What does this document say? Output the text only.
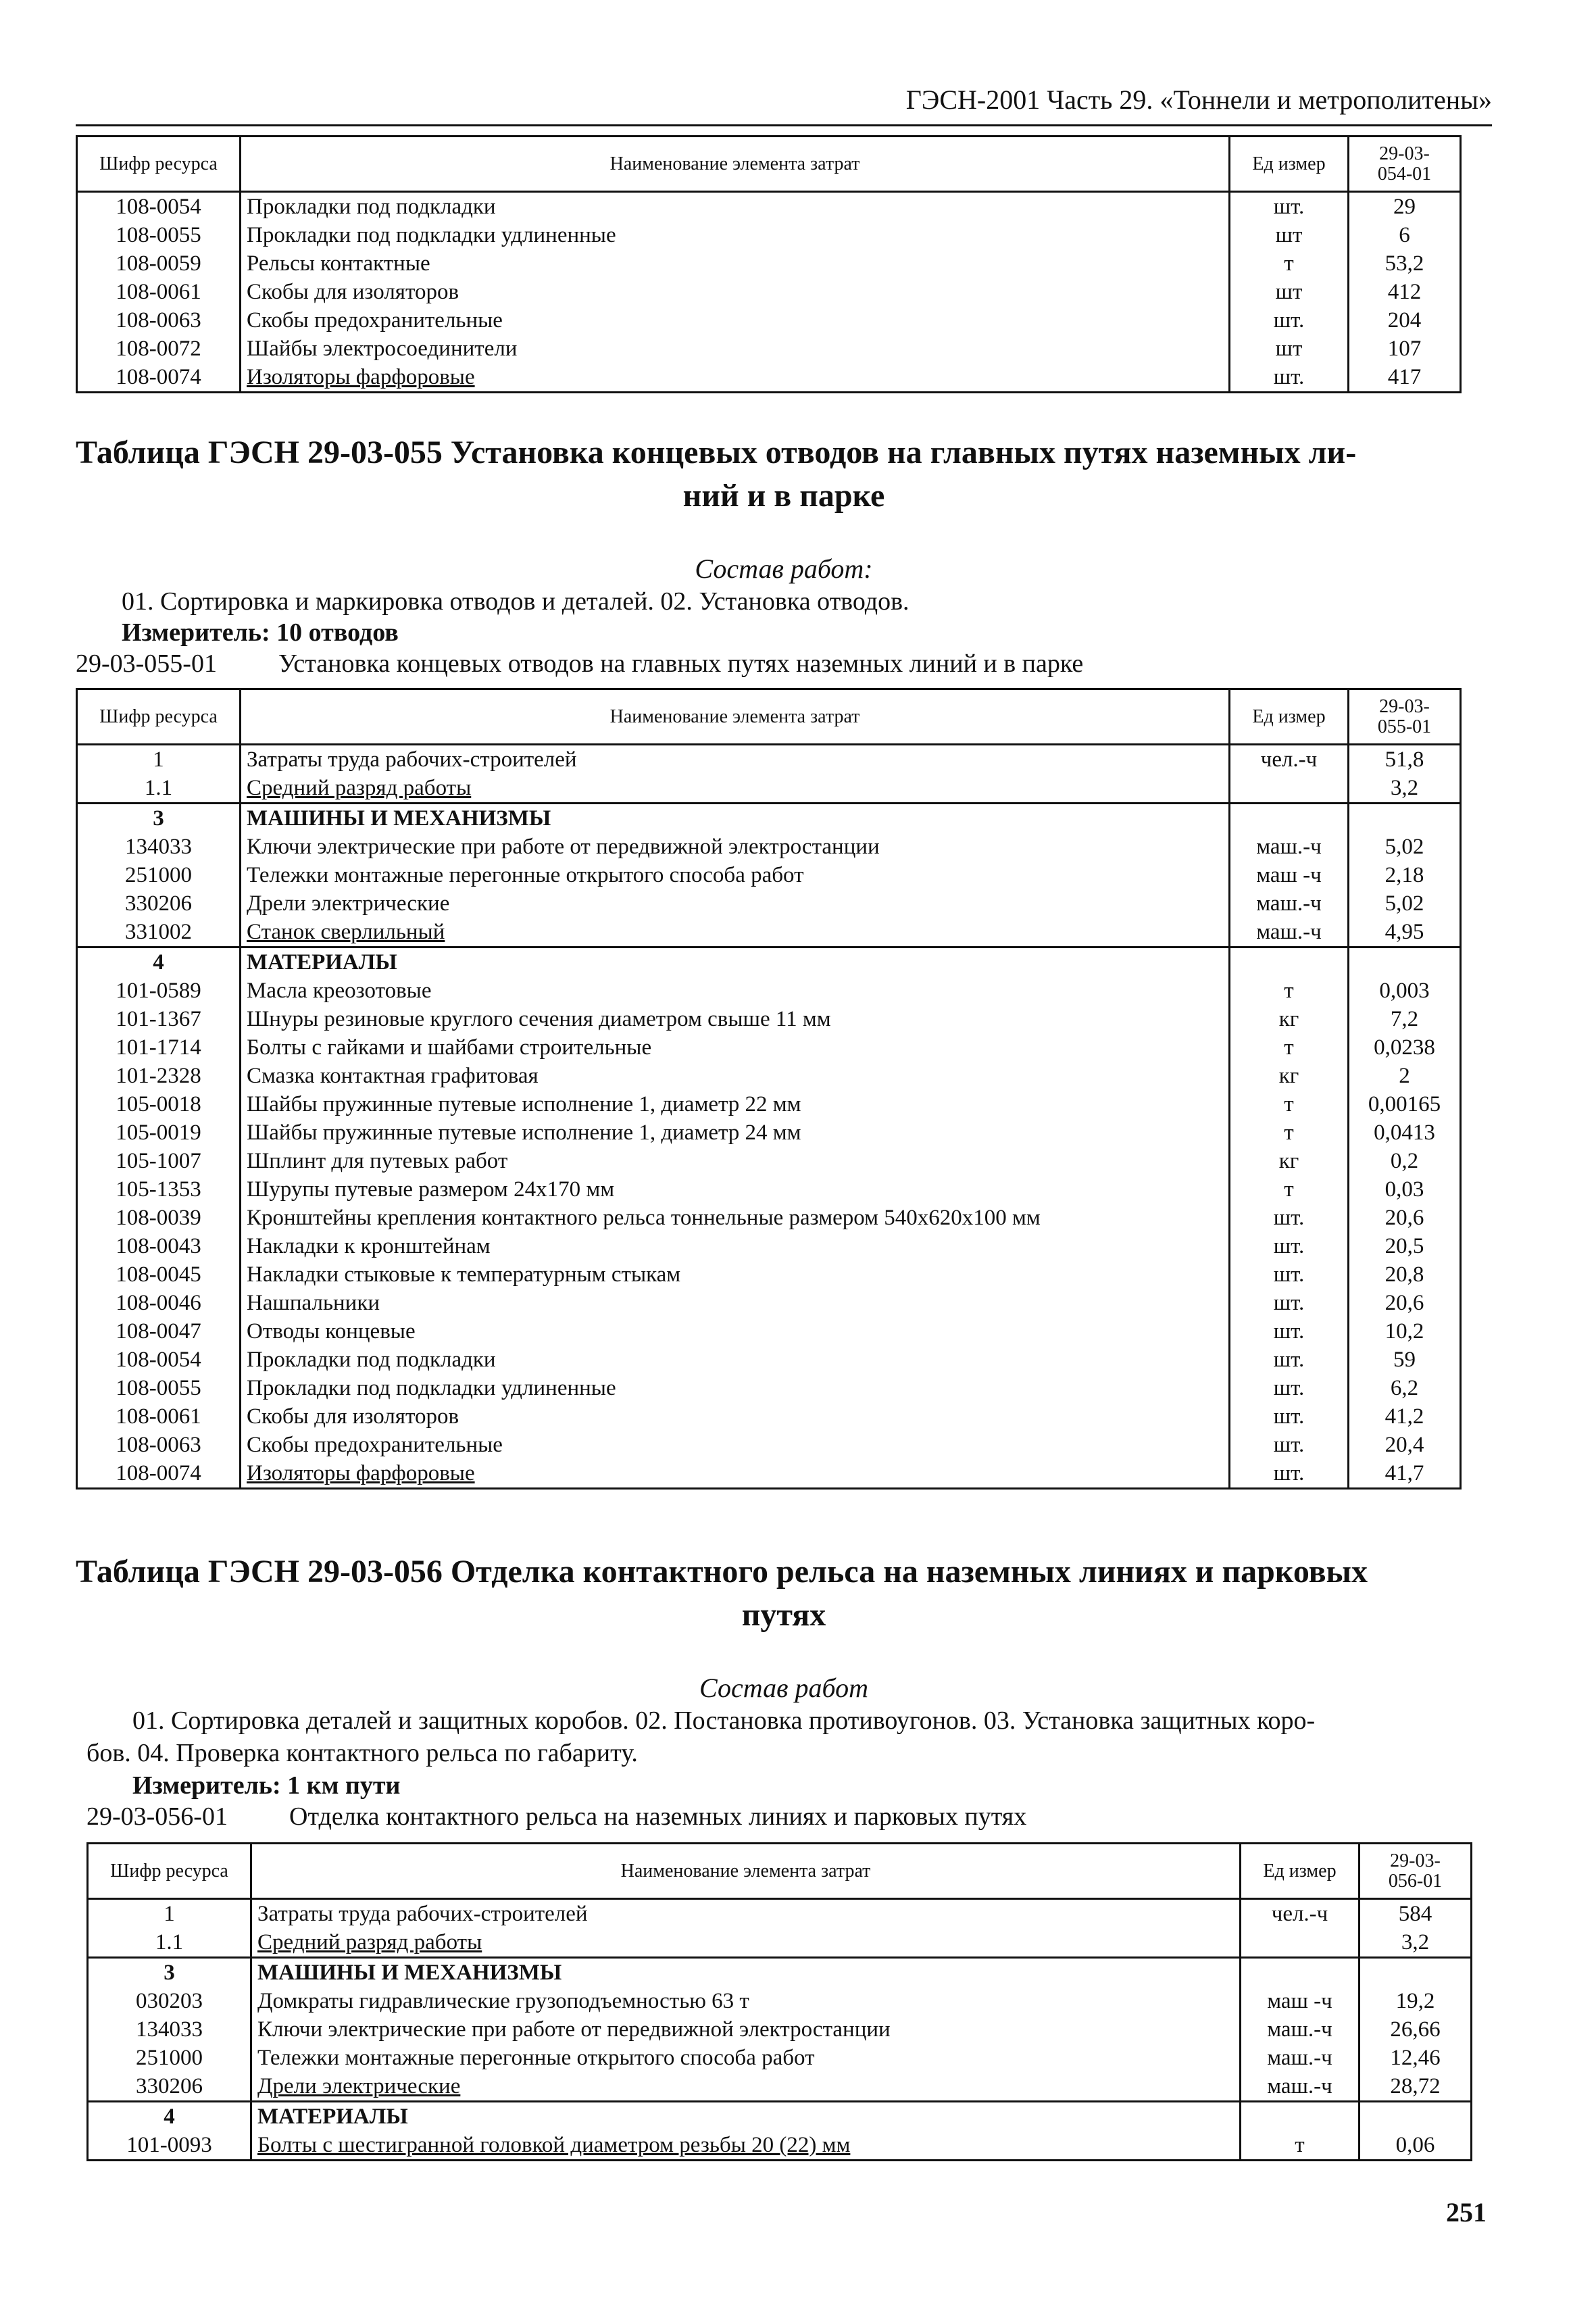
ГЭСН-2001 Часть 29. «Тоннели и метрополитены»
Шифр ресурса	Наименование элемента затрат	Ед измер	29-03-
054-01
108-0054	Прокладки под подкладки	шт.	29
108-0055	Прокладки под подкладки удлиненные	шт	6
108-0059	Рельсы контактные	т	53,2
108-0061	Скобы для изоляторов	шт	412
108-0063	Скобы предохранительные	шт.	204
108-0072	Шайбы электросоединители	шт	107
108-0074	Изоляторы фарфоровые	шт.	417
Таблица ГЭСН 29-03-055 Установка концевых отводов на главных путях наземных ли-
ний и в парке
Состав работ:
01. Сортировка и маркировка отводов и деталей. 02. Установка отводов.
Измеритель: 10 отводов
29-03-055-01 Установка концевых отводов на главных путях наземных линий и в парке
Шифр ресурса	Наименование элемента затрат	Ед измер	29-03-
055-01
1	Затраты труда рабочих-строителей	чел.-ч	51,8
1.1	Средний разряд работы		3,2
3	МАШИНЫ И МЕХАНИЗМЫ		
134033	Ключи электрические при работе от передвижной электростанции	маш.-ч	5,02
251000	Тележки монтажные перегонные открытого способа работ	маш -ч	2,18
330206	Дрели электрические	маш.-ч	5,02
331002	Станок сверлильный	маш.-ч	4,95
4	МАТЕРИАЛЫ		
101-0589	Масла креозотовые	т	0,003
101-1367	Шнуры резиновые круглого сечения диаметром свыше 11 мм	кг	7,2
101-1714	Болты с гайками и шайбами строительные	т	0,0238
101-2328	Смазка контактная графитовая	кг	2
105-0018	Шайбы пружинные путевые исполнение 1, диаметр 22 мм	т	0,00165
105-0019	Шайбы пружинные путевые исполнение 1, диаметр 24 мм	т	0,0413
105-1007	Шплинт для путевых работ	кг	0,2
105-1353	Шурупы путевые размером 24х170 мм	т	0,03
108-0039	Кронштейны крепления контактного рельса тоннельные размером 540х620х100 мм	шт.	20,6
108-0043	Накладки к кронштейнам	шт.	20,5
108-0045	Накладки стыковые к температурным стыкам	шт.	20,8
108-0046	Нашпальники	шт.	20,6
108-0047	Отводы концевые	шт.	10,2
108-0054	Прокладки под подкладки	шт.	59
108-0055	Прокладки под подкладки удлиненные	шт.	6,2
108-0061	Скобы для изоляторов	шт.	41,2
108-0063	Скобы предохранительные	шт.	20,4
108-0074	Изоляторы фарфоровые	шт.	41,7
Таблица ГЭСН 29-03-056 Отделка контактного рельса на наземных линиях и парковых
путях
Состав работ
01. Сортировка деталей и защитных коробов. 02. Постановка противоугонов. 03. Установка защитных коро-
бов. 04. Проверка контактного рельса по габариту.
Измеритель: 1 км пути
29-03-056-01 Отделка контактного рельса на наземных линиях и парковых путях
Шифр ресурса	Наименование элемента затрат	Ед измер	29-03-
056-01
1	Затраты труда рабочих-строителей	чел.-ч	584
1.1	Средний разряд работы		3,2
3	МАШИНЫ И МЕХАНИЗМЫ		
030203	Домкраты гидравлические грузоподъемностью 63 т	маш -ч	19,2
134033	Ключи электрические при работе от передвижной электростанции	маш.-ч	26,66
251000	Тележки монтажные перегонные открытого способа работ	маш.-ч	12,46
330206	Дрели электрические	маш.-ч	28,72
4	МАТЕРИАЛЫ		
101-0093	Болты с шестигранной головкой диаметром резьбы 20 (22) мм	т	0,06
251
